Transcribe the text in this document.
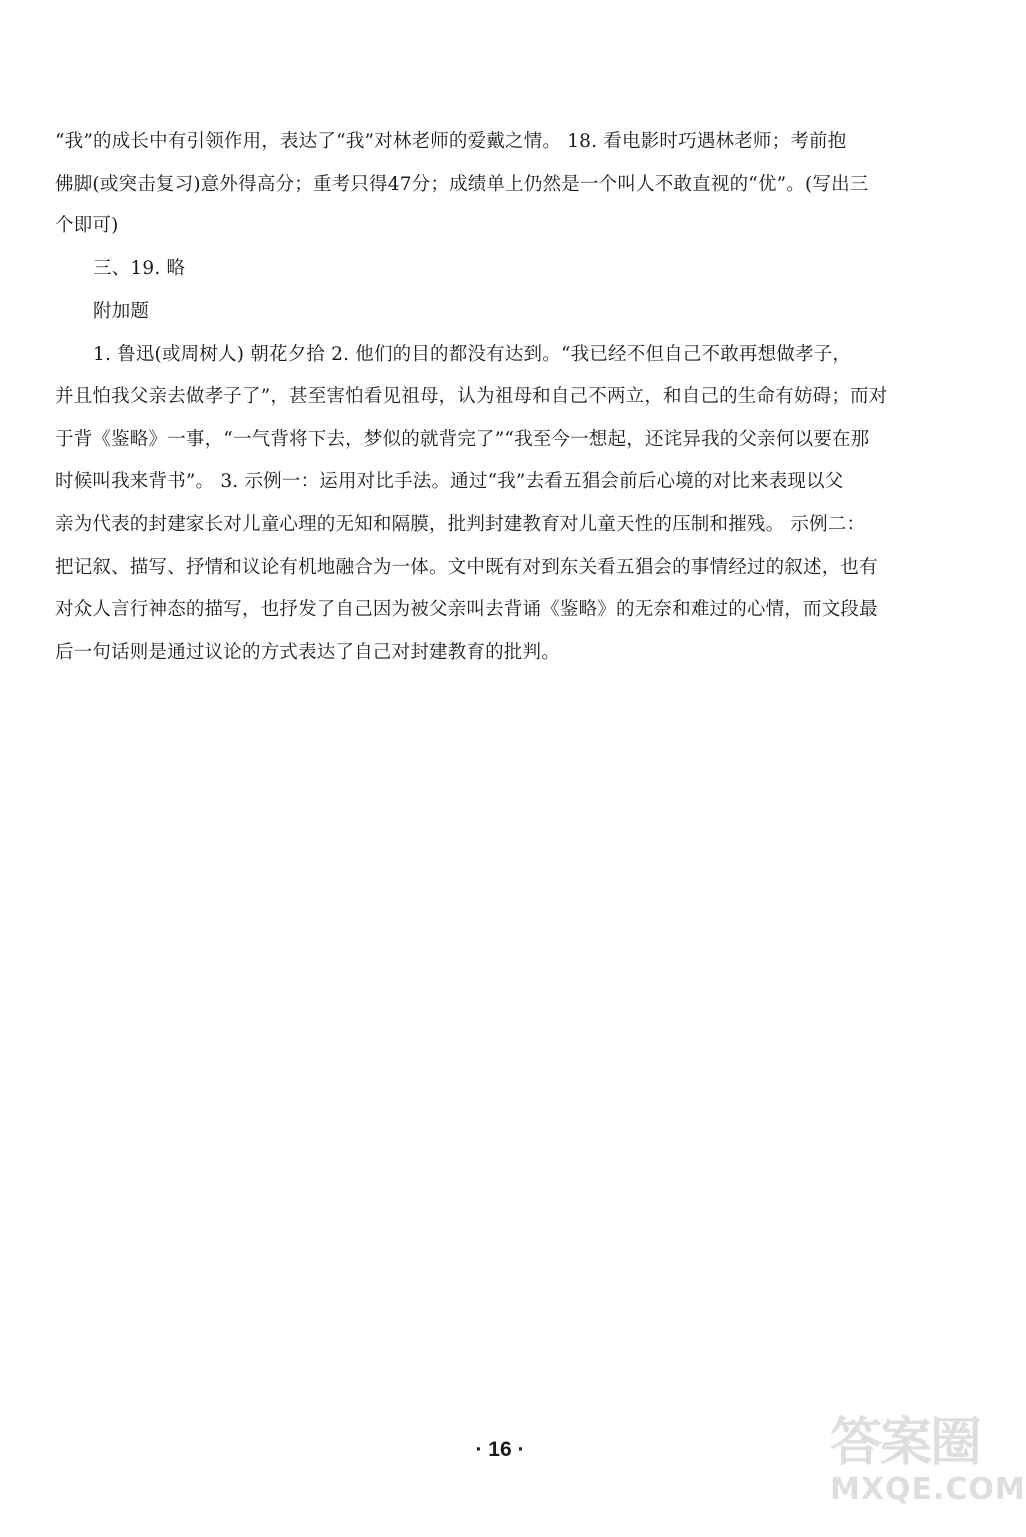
“我”的成长中有引领作用，表达了“我”对林老师的爱戴之情。 18. 看电影时巧遇林老师；考前抱
佛脚(或突击复习)意外得高分；重考只得47分；成绩单上仍然是一个叫人不敢直视的“优”。(写出三
个即可)
三、19. 略
附加题
1. 鲁迅(或周树人) 朝花夕拾 2. 他们的目的都没有达到。“我已经不但自己不敢再想做孝子，
并且怕我父亲去做孝子了”，甚至害怕看见祖母，认为祖母和自己不两立，和自己的生命有妨碍；而对
于背《鉴略》一事，“一气背将下去，梦似的就背完了”“我至今一想起，还诧异我的父亲何以要在那
时候叫我来背书”。 3. 示例一：运用对比手法。通过“我”去看五猖会前后心境的对比来表现以父
亲为代表的封建家长对儿童心理的无知和隔膜，批判封建教育对儿童天性的压制和摧残。 示例二：
把记叙、描写、抒情和议论有机地融合为一体。文中既有对到东关看五猖会的事情经过的叙述，也有
对众人言行神态的描写，也抒发了自己因为被父亲叫去背诵《鉴略》的无奈和难过的心情，而文段最
后一句话则是通过议论的方式表达了自己对封建教育的批判。
· 16 ·	答案圈
MXQE.COM
